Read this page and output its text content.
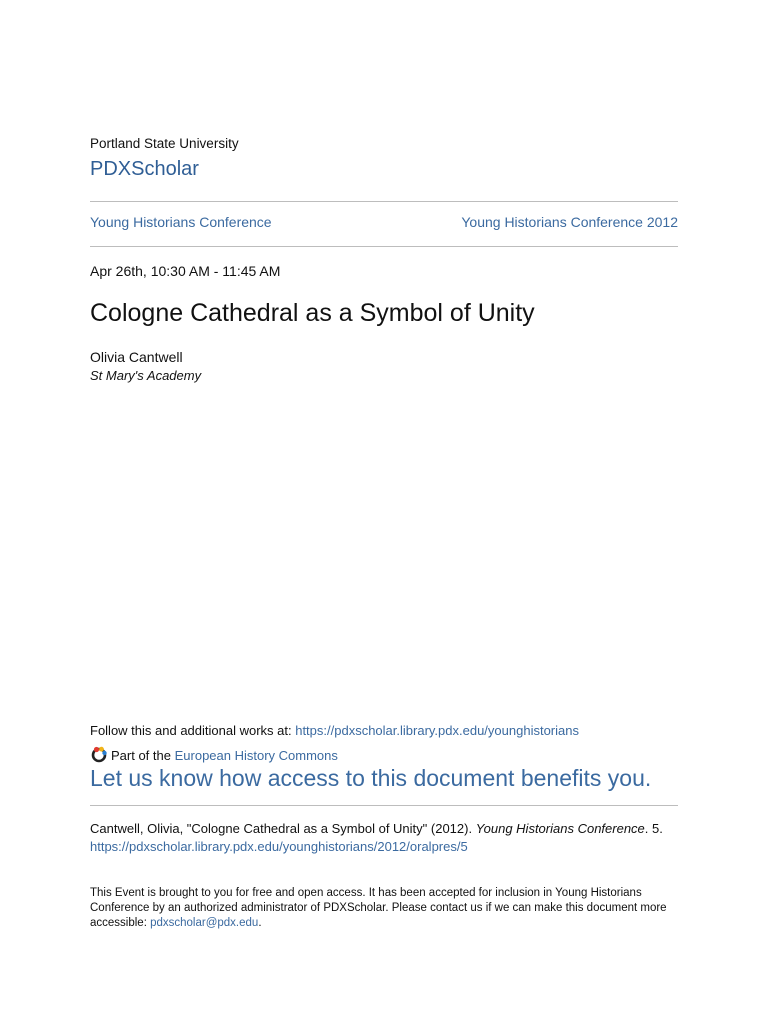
Portland State University
PDXScholar
Young Historians Conference	Young Historians Conference 2012
Apr 26th, 10:30 AM - 11:45 AM
Cologne Cathedral as a Symbol of Unity
Olivia Cantwell
St Mary's Academy
Follow this and additional works at: https://pdxscholar.library.pdx.edu/younghistorians
Part of the
European History Commons
Let us know how access to this document benefits you.
Cantwell, Olivia, "Cologne Cathedral as a Symbol of Unity" (2012). Young Historians Conference. 5.
https://pdxscholar.library.pdx.edu/younghistorians/2012/oralpres/5
This Event is brought to you for free and open access. It has been accepted for inclusion in Young Historians Conference by an authorized administrator of PDXScholar. Please contact us if we can make this document more accessible: pdxscholar@pdx.edu.
